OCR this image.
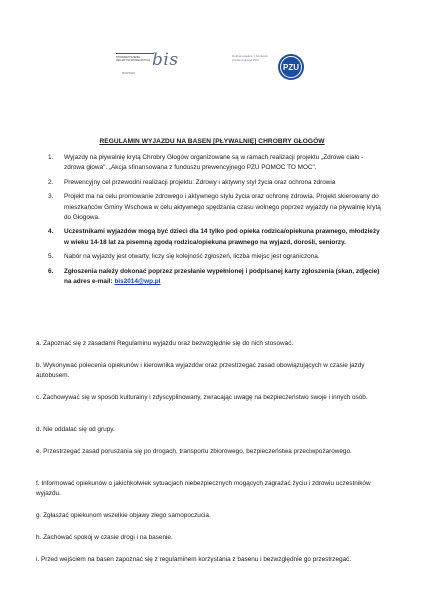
STOWARZYSZENIE INICJATYW SPOŁECZNYCH bis
WSCHOWA
Dofinansowano z funduszu prewencyjnego PZU
PZU
REGULAMIN WYJAZDU NA BASEN [PŁYWALNIĘ] CHROBRY GŁOGÓW
1. Wyjazdy na pływalnię krytą Chrobry Głogów organizowane są w ramach realizacji projektu „Zdrowe ciało - zdrowa głowa". „Akcja sfinansowana z funduszu prewencyjnego PZU POMOC TO MOC".
2. Prewencyjny cel przewodni realizacji projektu: Zdrowy i aktywny styl życia oraz ochrona zdrowia
3. Projekt ma na celu promowanie zdrowego i aktywnego stylu życia oraz ochronę zdrowia. Projekt skierowany do mieszkańców Gminy Wschowa w celu aktywnego spędzania czasu wolnego poprzez wyjazdy na pływalnię krytą do Głogowa.
4. Uczestnikami wyjazdów mogą być dzieci dla 14 tylko pod opieka rodzica/opiekuna prawnego, młodzieży w wieku 14-18 lat za pisemną zgodą rodzica/opiekuna prawnego na wyjazd, dorośli, seniorzy.
5. Nabór na wyjazdy jest otwarty, liczy się kolejność zgłoszeń, liczba miejsc jest ograniczona.
6. Zgłoszenia należy dokonać poprzez przesłanie wypełnionej i podpisanej karty zgłoszenia (skan, zdjęcie) na adres e-mail: bis2014@wp.pl
a. Zapoznać się z zasadami Regulaminu wyjazdu oraz bezwzględnie się do nich stosować.
b. Wykonywać polecenia opiekunów i kierownika wyjazdów oraz przestrzegać zasad obowiązujących w czasie jazdy autobusem.
c. Zachowywać się w sposób kulturalny i zdyscyplinowany, zwracając uwagę na bezpieczeństwo swoje i innych osób.
d. Nie oddalać się od grupy.
e. Przestrzegać zasad poruszania się po drogach, transportu zbiorowego, bezpieczeństwa przeciwpożarowego.
f. Informować opiekunów o jakichkolwiek sytuacjach niebezpiecznych mogących zagrażać życiu i zdrowiu uczestników wyjazdu.
g. Zgłaszać opiekunom wszelkie objawy złego samopoczucia.
h. Zachować spokój w czasie drogi i na basenie.
i. Przed wejściem na basen zapoznać się z regulaminem korzystania z basenu i bezwzględnie go przestrzegać.
